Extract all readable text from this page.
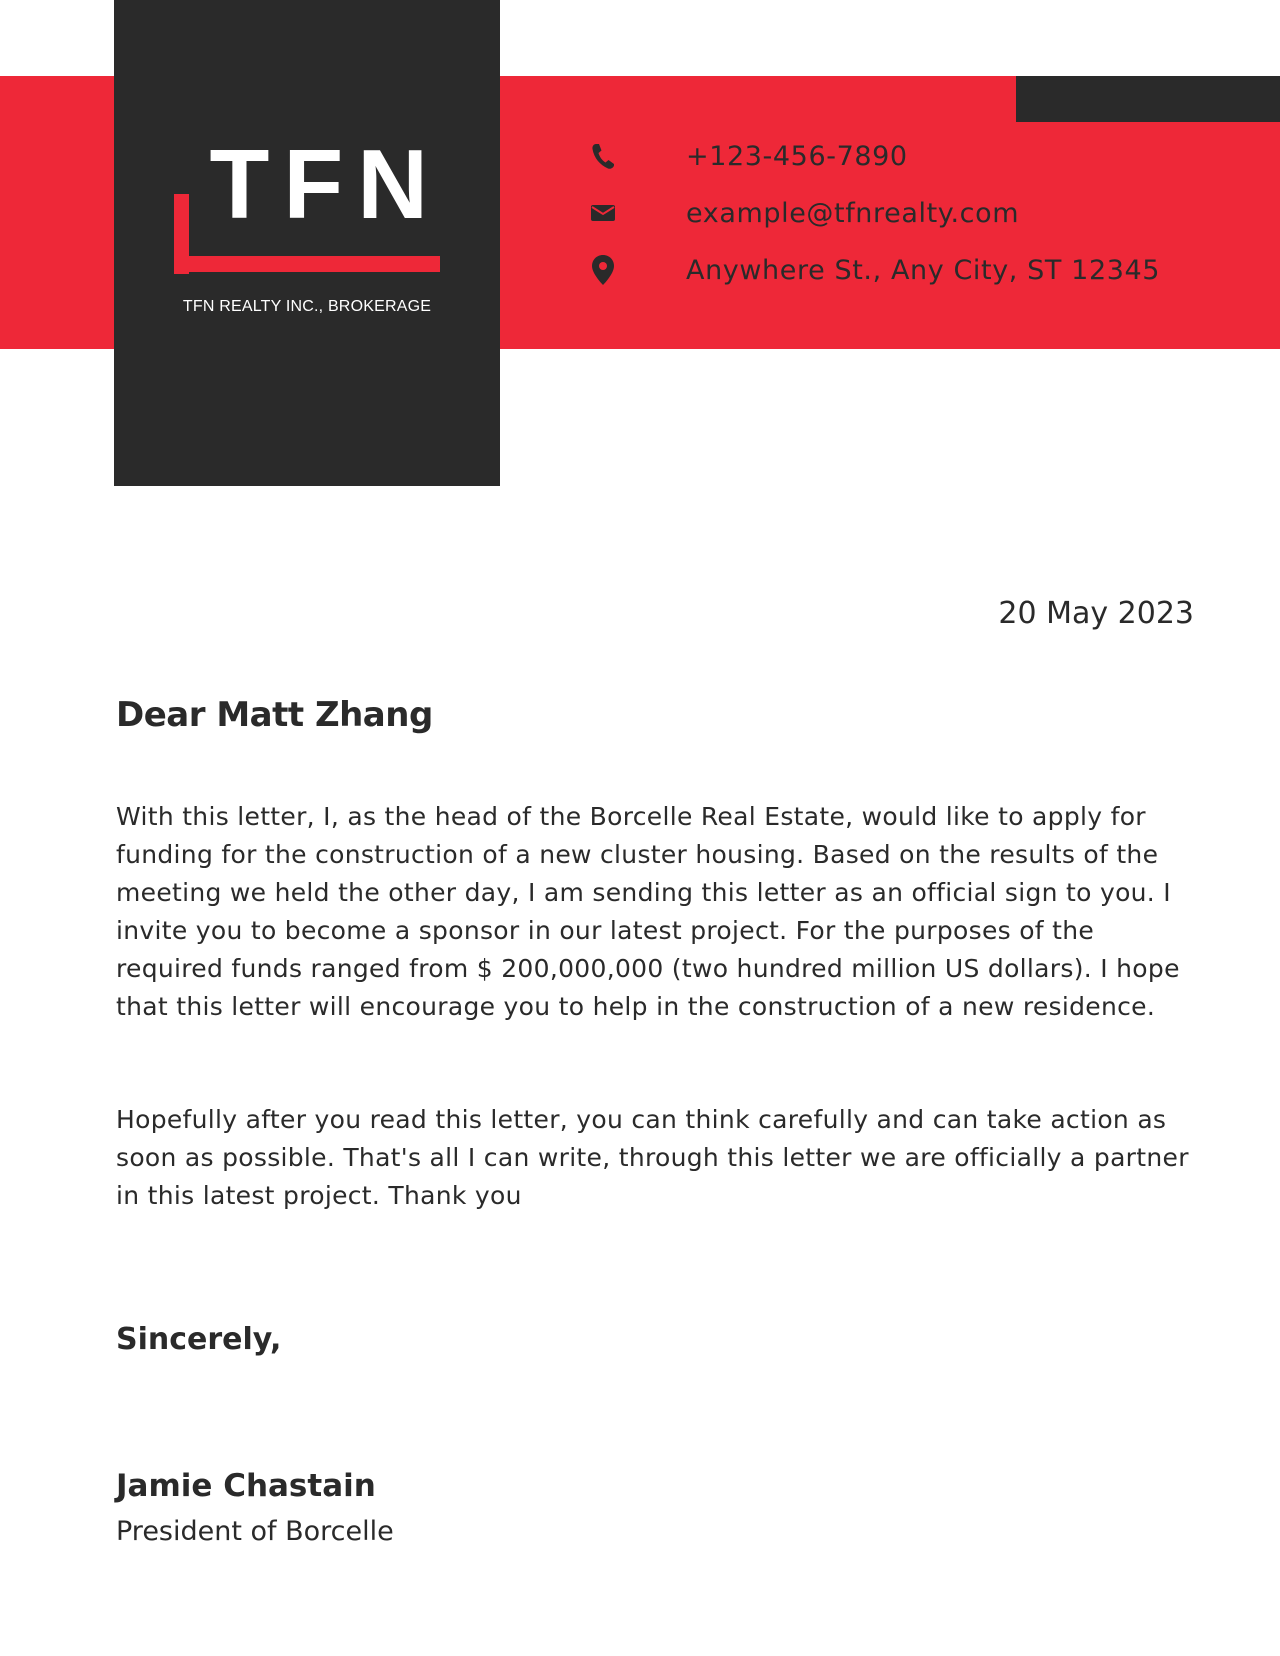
TFN
TFN REALTY INC., BROKERAGE
+123-456-7890
example@tfnrealty.com
Anywhere St., Any City, ST 12345
20 May 2023
Dear Matt Zhang

With this letter, I, as the head of the Borcelle Real Estate, would like to apply for funding for the construction of a new cluster housing. Based on the results of the meeting we held the other day, I am sending this letter as an official sign to you. I invite you to become a sponsor in our latest project. For the purposes of the required funds ranged from $ 200,000,000 (two hundred million US dollars). I hope that this letter will encourage you to help in the construction of a new residence.

Hopefully after you read this letter, you can think carefully and can take action as soon as possible. That's all I can write, through this letter we are officially a partner in this latest project. Thank you

Sincerely,
Jamie Chastain
President of Borcelle
